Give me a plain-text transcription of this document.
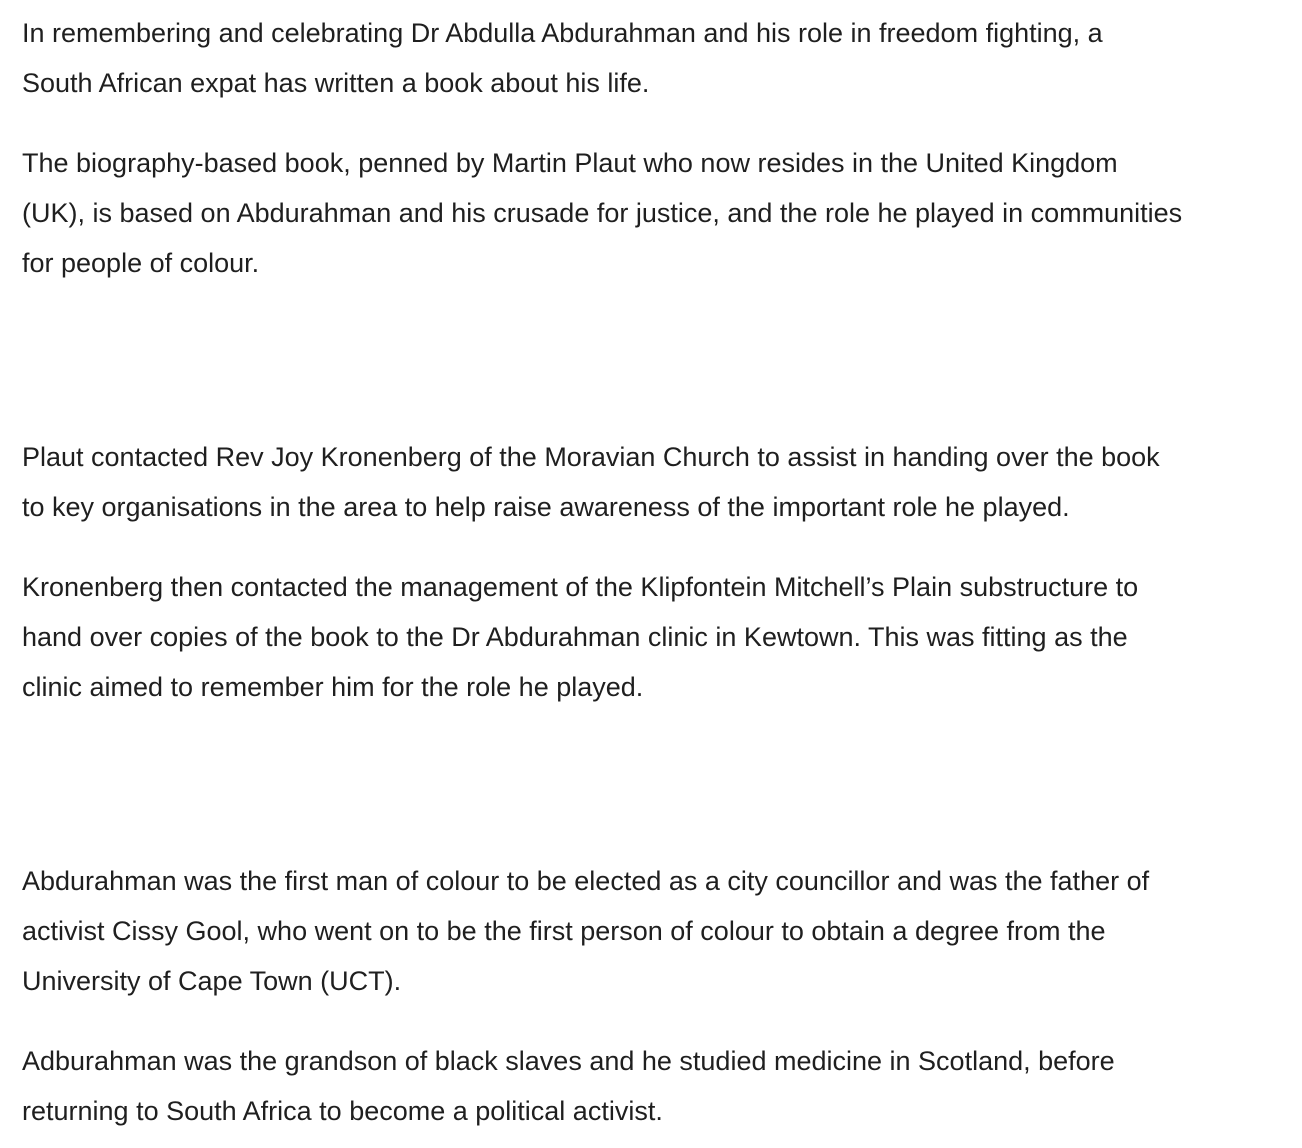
In remembering and celebrating Dr Abdulla Abdurahman and his role in freedom fighting, a
South African expat has written a book about his life.

The biography-based book, penned by Martin Plaut who now resides in the United Kingdom
(UK), is based on Abdurahman and his crusade for justice, and the role he played in communities
for people of colour.

Plaut contacted Rev Joy Kronenberg of the Moravian Church to assist in handing over the book
to key organisations in the area to help raise awareness of the important role he played.

Kronenberg then contacted the management of the Klipfontein Mitchell’s Plain substructure to
hand over copies of the book to the Dr Abdurahman clinic in Kewtown. This was fitting as the
clinic aimed to remember him for the role he played.

Abdurahman was the first man of colour to be elected as a city councillor and was the father of
activist Cissy Gool, who went on to be the first person of colour to obtain a degree from the
University of Cape Town (UCT).

Adburahman was the grandson of black slaves and he studied medicine in Scotland, before
returning to South Africa to become a political activist.
